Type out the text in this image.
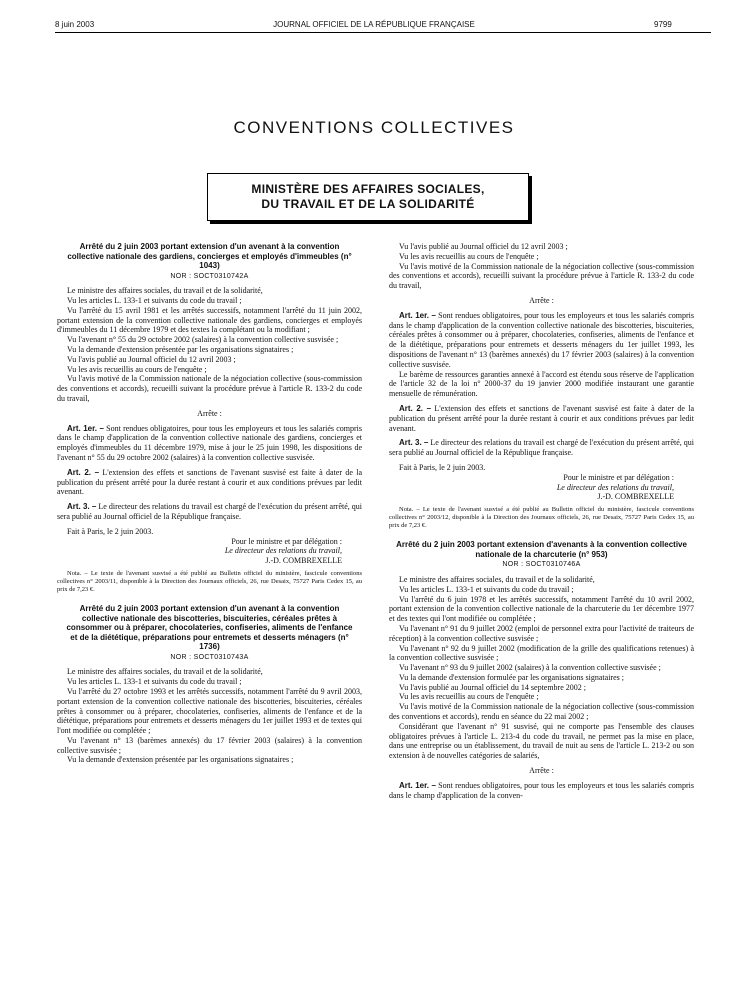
8 juin 2003	JOURNAL OFFICIEL DE LA RÉPUBLIQUE FRANÇAISE	9799
CONVENTIONS COLLECTIVES
MINISTÈRE DES AFFAIRES SOCIALES,
DU TRAVAIL ET DE LA SOLIDARITÉ
Arrêté du 2 juin 2003 portant extension d'un avenant à la convention collective nationale des gardiens, concierges et employés d'immeubles (n° 1043)
NOR : SOCT0310742A

Le ministre des affaires sociales, du travail et de la solidarité,

Vu les articles L. 133-1 et suivants du code du travail ;

Vu l'arrêté du 15 avril 1981 et les arrêtés successifs, notamment l'arrêté du 11 juin 2002, portant extension de la convention collective nationale des gardiens, concierges et employés d'immeubles du 11 décembre 1979 et des textes la complétant ou la modifiant ;

Vu l'avenant n° 55 du 29 octobre 2002 (salaires) à la convention collective susvisée ;

Vu la demande d'extension présentée par les organisations signataires ;

Vu l'avis publié au Journal officiel du 12 avril 2003 ;

Vu les avis recueillis au cours de l'enquête ;

Vu l'avis motivé de la Commission nationale de la négociation collective (sous-commission des conventions et accords), recueilli suivant la procédure prévue à l'article R. 133-2 du code du travail,

Arrête :

Art. 1er. – Sont rendues obligatoires, pour tous les employeurs et tous les salariés compris dans le champ d'application de la convention collective nationale des gardiens, concierges et employés d'immeubles du 11 décembre 1979, mise à jour le 25 juin 1998, les dispositions de l'avenant n° 55 du 29 octobre 2002 (salaires) à la convention collective susvisée.

Art. 2. – L'extension des effets et sanctions de l'avenant susvisé est faite à dater de la publication du présent arrêté pour la durée restant à courir et aux conditions prévues par ledit avenant.

Art. 3. – Le directeur des relations du travail est chargé de l'exécution du présent arrêté, qui sera publié au Journal officiel de la République française.

Fait à Paris, le 2 juin 2003.

Pour le ministre et par délégation :

Le directeur des relations du travail,

J.-D. COMBREXELLE

Nota. – Le texte de l'avenant susvisé a été publié au Bulletin officiel du ministère, fascicule conventions collectives n° 2003/11, disponible à la Direction des Journaux officiels, 26, rue Desaix, 75727 Paris Cedex 15, au prix de 7,23 €.

Arrêté du 2 juin 2003 portant extension d'un avenant à la convention collective nationale des biscotteries, biscuiteries, céréales prêtes à consommer ou à préparer, chocolateries, confiseries, aliments de l'enfance et de la diététique, préparations pour entremets et desserts ménagers (n° 1736)
NOR : SOCT0310743A

Le ministre des affaires sociales, du travail et de la solidarité,

Vu les articles L. 133-1 et suivants du code du travail ;

Vu l'arrêté du 27 octobre 1993 et les arrêtés successifs, notamment l'arrêté du 9 avril 2003, portant extension de la convention collective nationale des biscotteries, biscuiteries, céréales prêtes à consommer ou à préparer, chocolateries, confiseries, aliments de l'enfance et de la diététique, préparations pour entremets et desserts ménagers du 1er juillet 1993 et de textes qui l'ont modifiée ou complétée ;

Vu l'avenant n° 13 (barèmes annexés) du 17 février 2003 (salaires) à la convention collective susvisée ;

Vu la demande d'extension présentée par les organisations signataires ;

Vu l'avis publié au Journal officiel du 12 avril 2003 ;

Vu les avis recueillis au cours de l'enquête ;

Vu l'avis motivé de la Commission nationale de la négociation collective (sous-commission des conventions et accords), recueilli suivant la procédure prévue à l'article R. 133-2 du code du travail,

Arrête :

Art. 1er. – Sont rendues obligatoires, pour tous les employeurs et tous les salariés compris dans le champ d'application de la convention collective nationale des biscotteries, biscuiteries, céréales prêtes à consommer ou à préparer, chocolateries, confiseries, aliments de l'enfance et de la diététique, préparations pour entremets et desserts ménagers du 1er juillet 1993, les dispositions de l'avenant n° 13 (barèmes annexés) du 17 février 2003 (salaires) à la convention collective susvisée.

Le barème de ressources garanties annexé à l'accord est étendu sous réserve de l'application de l'article 32 de la loi n° 2000-37 du 19 janvier 2000 modifiée instaurant une garantie mensuelle de rémunération.

Art. 2. – L'extension des effets et sanctions de l'avenant susvisé est faite à dater de la publication du présent arrêté pour la durée restant à courir et aux conditions prévues par ledit avenant.

Art. 3. – Le directeur des relations du travail est chargé de l'exécution du présent arrêté, qui sera publié au Journal officiel de la République française.

Fait à Paris, le 2 juin 2003.

Pour le ministre et par délégation :

Le directeur des relations du travail,

J.-D. COMBREXELLE

Nota. – Le texte de l'avenant susvisé a été publié au Bulletin officiel du ministère, fascicule conventions collectives n° 2003/12, disponible à la Direction des Journaux officiels, 26, rue Desaix, 75727 Paris Cedex 15, au prix de 7,23 €.

Arrêté du 2 juin 2003 portant extension d'avenants à la convention collective nationale de la charcuterie (n° 953)
NOR : SOCT0310746A

Le ministre des affaires sociales, du travail et de la solidarité,

Vu les articles L. 133-1 et suivants du code du travail ;

Vu l'arrêté du 6 juin 1978 et les arrêtés successifs, notamment l'arrêté du 10 avril 2002, portant extension de la convention collective nationale de la charcuterie du 1er décembre 1977 et des textes qui l'ont modifiée ou complétée ;

Vu l'avenant n° 91 du 9 juillet 2002 (emploi de personnel extra pour l'activité de traiteurs de réception) à la convention collective susvisée ;

Vu l'avenant n° 92 du 9 juillet 2002 (modification de la grille des qualifications retenues) à la convention collective susvisée ;

Vu l'avenant n° 93 du 9 juillet 2002 (salaires) à la convention collective susvisée ;

Vu la demande d'extension formulée par les organisations signataires ;

Vu l'avis publié au Journal officiel du 14 septembre 2002 ;

Vu les avis recueillis au cours de l'enquête ;

Vu l'avis motivé de la Commission nationale de la négociation collective (sous-commission des conventions et accords), rendu en séance du 22 mai 2002 ;

Considérant que l'avenant n° 91 susvisé, qui ne comporte pas l'ensemble des clauses obligatoires prévues à l'article L. 213-4 du code du travail, ne permet pas la mise en place, dans une entreprise ou un établissement, du travail de nuit au sens de l'article L. 213-2 ou son extension à de nouvelles catégories de salariés,

Arrête :

Art. 1er. – Sont rendues obligatoires, pour tous les employeurs et tous les salariés compris dans le champ d'application de la conven-
